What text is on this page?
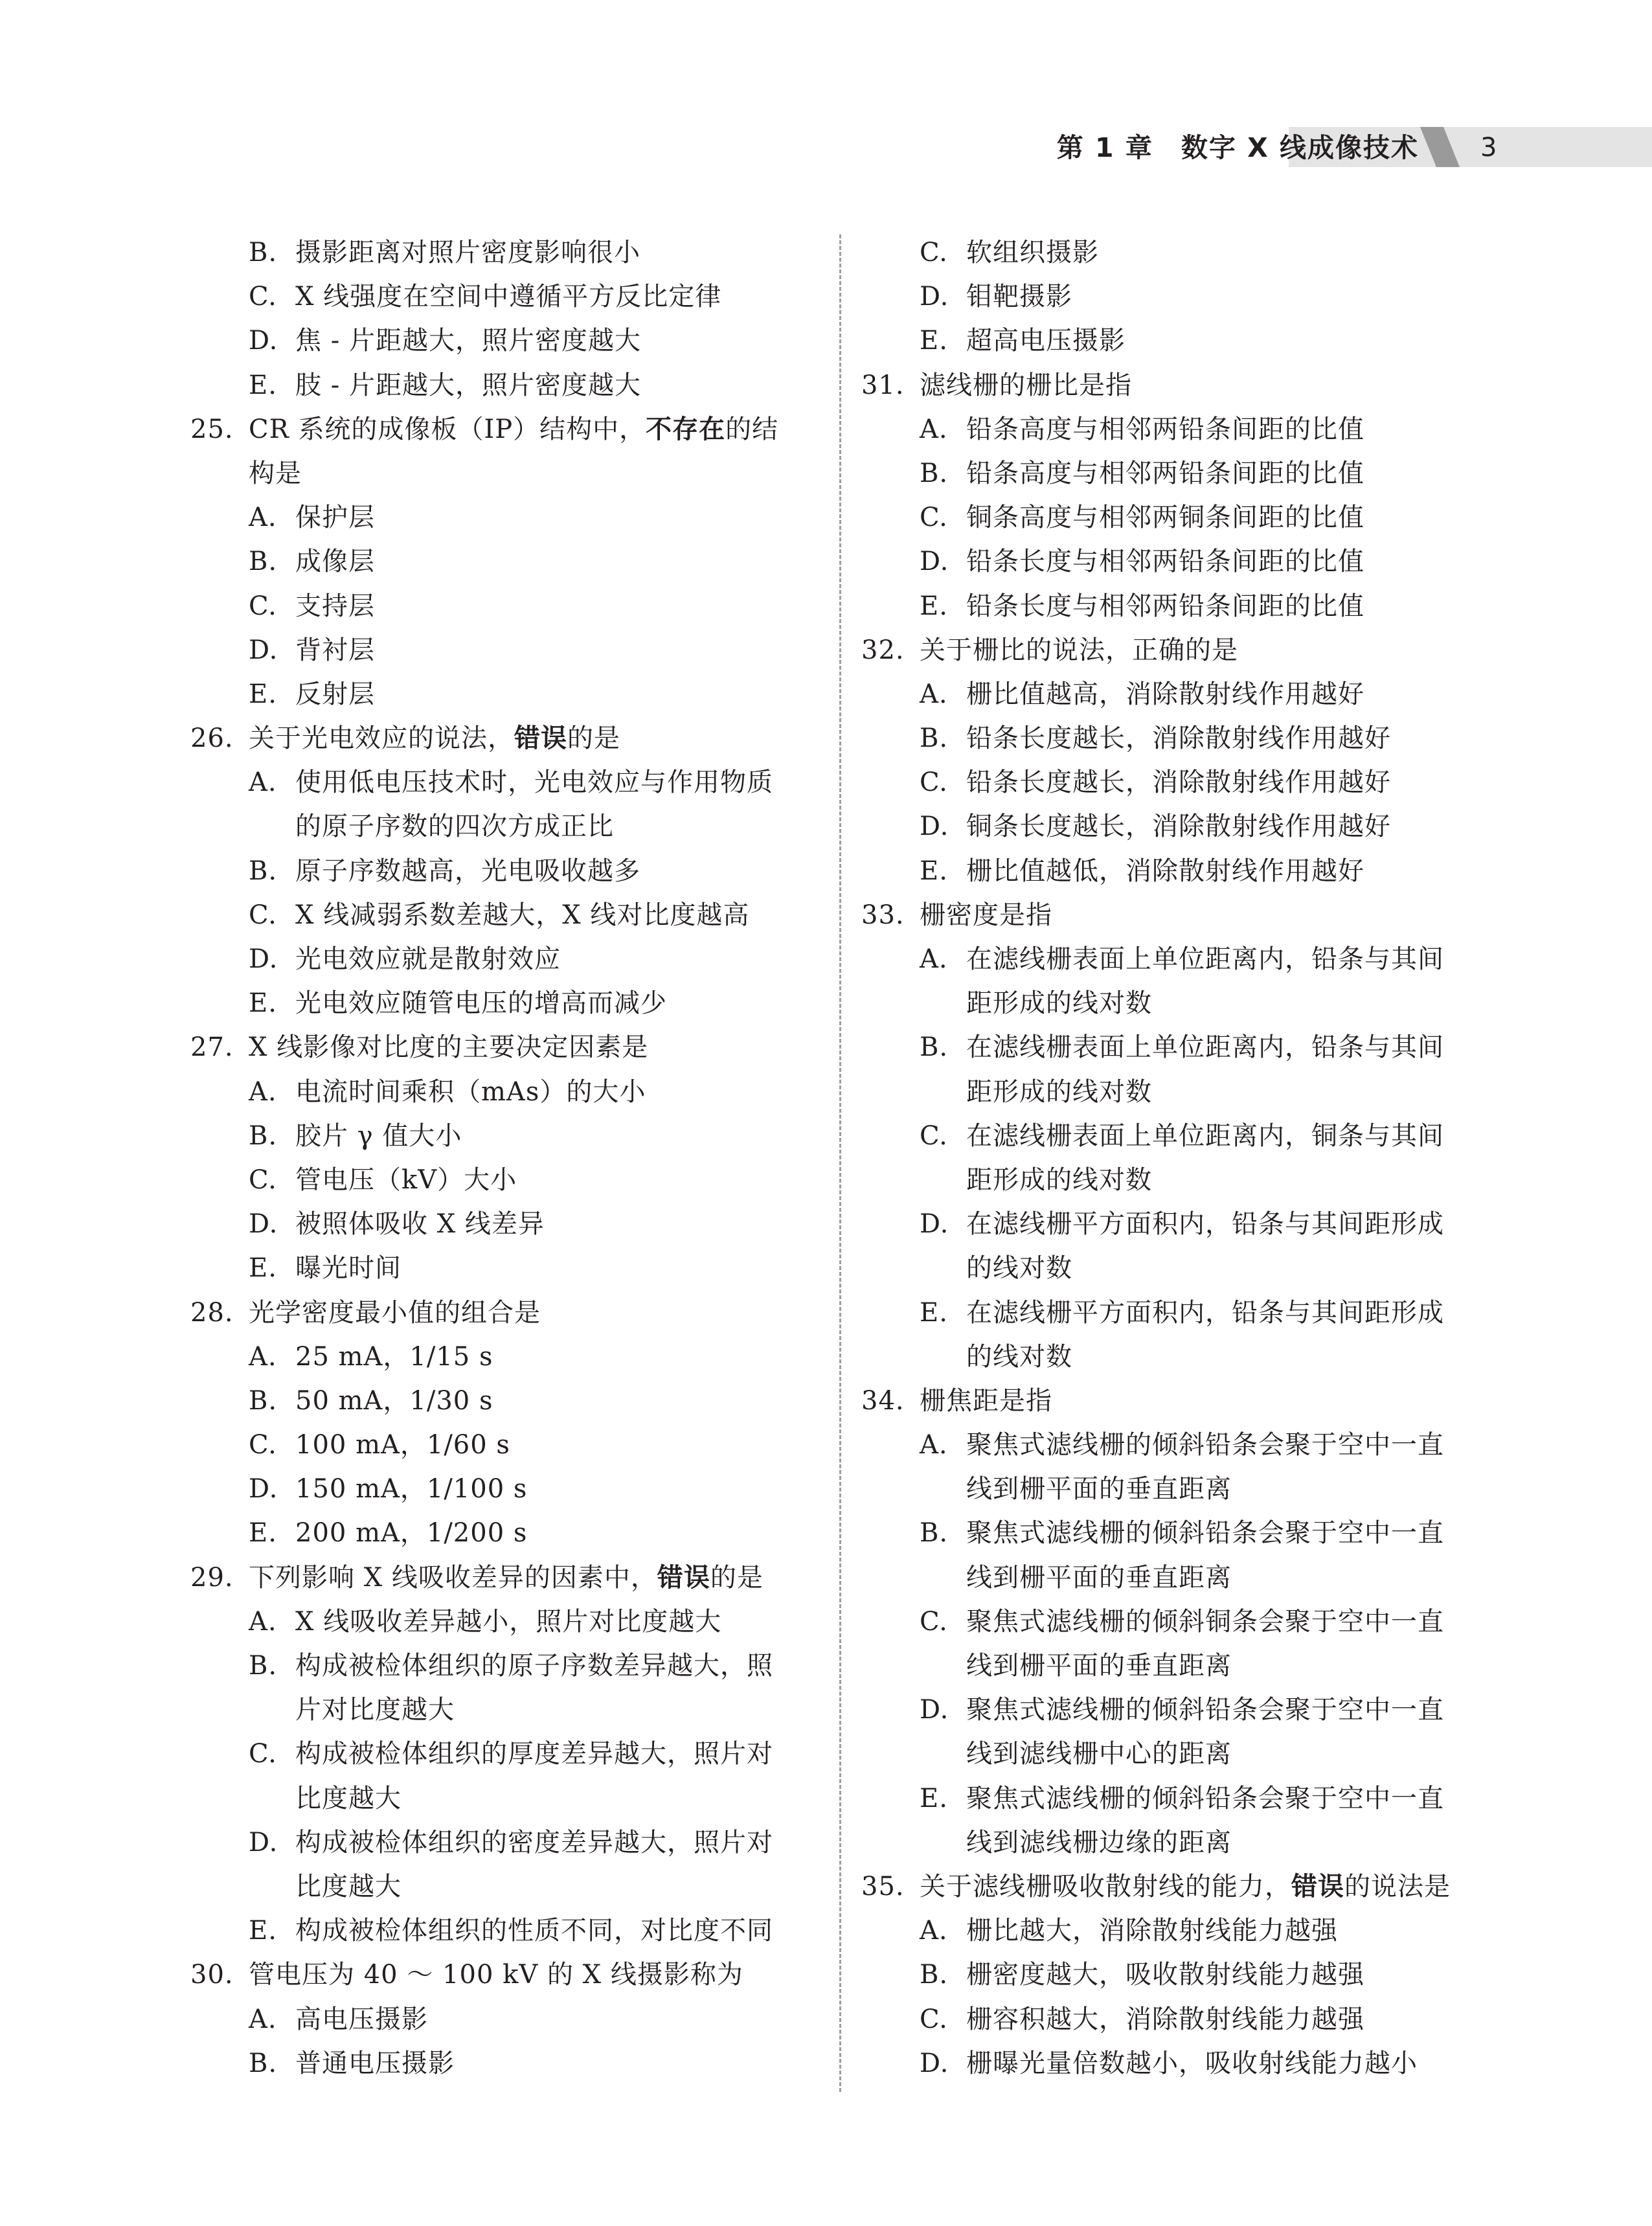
第 1 章　数字 X 线成像技术 3
B. 摄影距离对照片密度影响很小
C. X 线强度在空间中遵循平方反比定律
D. 焦 - 片距越大，照片密度越大
E. 肢 - 片距越大，照片密度越大
25. CR 系统的成像板（IP）结构中，不存在的结
构是
A. 保护层
B. 成像层
C. 支持层
D. 背衬层
E. 反射层
26. 关于光电效应的说法，错误的是
A. 使用低电压技术时，光电效应与作用物质
的原子序数的四次方成正比
B. 原子序数越高，光电吸收越多
C. X 线减弱系数差越大，X 线对比度越高
D. 光电效应就是散射效应
E. 光电效应随管电压的增高而减少
27. X 线影像对比度的主要决定因素是
A. 电流时间乘积（mAs）的大小
B. 胶片 γ 值大小
C. 管电压（kV）大小
D. 被照体吸收 X 线差异
E. 曝光时间
28. 光学密度最小值的组合是
A. 25 mA，1/15 s
B. 50 mA，1/30 s
C. 100 mA，1/60 s
D. 150 mA，1/100 s
E. 200 mA，1/200 s
29. 下列影响 X 线吸收差异的因素中，错误的是
A. X 线吸收差异越小，照片对比度越大
B. 构成被检体组织的原子序数差异越大，照
片对比度越大
C. 构成被检体组织的厚度差异越大，照片对
比度越大
D. 构成被检体组织的密度差异越大，照片对
比度越大
E. 构成被检体组织的性质不同，对比度不同
30. 管电压为 40 ～ 100 kV 的 X 线摄影称为
A. 高电压摄影
B. 普通电压摄影
C. 软组织摄影
D. 钼靶摄影
E. 超高电压摄影
31. 滤线栅的栅比是指
A. 铅条高度与相邻两铅条间距的比值
B. 铅条高度与相邻两铅条间距的比值
C. 铜条高度与相邻两铜条间距的比值
D. 铅条长度与相邻两铅条间距的比值
E. 铅条长度与相邻两铅条间距的比值
32. 关于栅比的说法，正确的是
A. 栅比值越高，消除散射线作用越好
B. 铅条长度越长，消除散射线作用越好
C. 铅条长度越长，消除散射线作用越好
D. 铜条长度越长，消除散射线作用越好
E. 栅比值越低，消除散射线作用越好
33. 栅密度是指
A. 在滤线栅表面上单位距离内，铅条与其间
距形成的线对数
B. 在滤线栅表面上单位距离内，铅条与其间
距形成的线对数
C. 在滤线栅表面上单位距离内，铜条与其间
距形成的线对数
D. 在滤线栅平方面积内，铅条与其间距形成
的线对数
E. 在滤线栅平方面积内，铅条与其间距形成
的线对数
34. 栅焦距是指
A. 聚焦式滤线栅的倾斜铅条会聚于空中一直
线到栅平面的垂直距离
B. 聚焦式滤线栅的倾斜铅条会聚于空中一直
线到栅平面的垂直距离
C. 聚焦式滤线栅的倾斜铜条会聚于空中一直
线到栅平面的垂直距离
D. 聚焦式滤线栅的倾斜铅条会聚于空中一直
线到滤线栅中心的距离
E. 聚焦式滤线栅的倾斜铅条会聚于空中一直
线到滤线栅边缘的距离
35. 关于滤线栅吸收散射线的能力，错误的说法是
A. 栅比越大，消除散射线能力越强
B. 栅密度越大，吸收散射线能力越强
C. 栅容积越大，消除散射线能力越强
D. 栅曝光量倍数越小，吸收射线能力越小
